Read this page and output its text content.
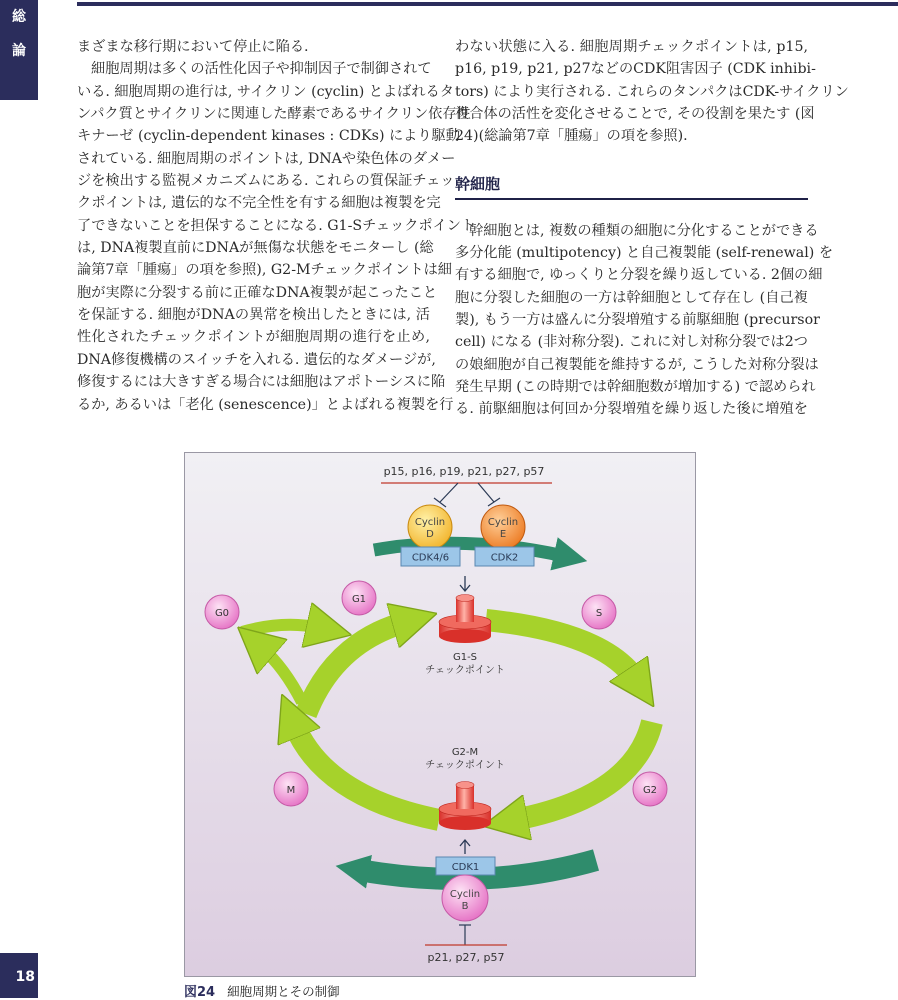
総
論	まざまな移行期において停止に陥る.
細胞周期は多くの活性化因子や抑制因子で制御されて
いる. 細胞周期の進行は, サイクリン (cyclin) とよばれるタ
ンパク質とサイクリンに関連した酵素であるサイクリン依存性
キナーゼ (cyclin-dependent kinases : CDKs) により駆動
されている. 細胞周期のポイントは, DNAや染色体のダメー
ジを検出する監視メカニズムにある. これらの質保証チェッ
クポイントは, 遺伝的な不完全性を有する細胞は複製を完
了できないことを担保することになる. G1-Sチェックポイント
は, DNA複製直前にDNAが無傷な状態をモニターし (総
論第7章「腫瘍」の項を参照), G2-Mチェックポイントは細
胞が実際に分裂する前に正確なDNA複製が起こったこと
を保証する. 細胞がDNAの異常を検出したときには, 活
性化されたチェックポイントが細胞周期の進行を止め,
DNA修復機構のスイッチを入れる. 遺伝的なダメージが,
修復するには大きすぎる場合には細胞はアポトーシスに陥
るか, あるいは「老化 (senescence)」とよばれる複製を行
わない状態に入る. 細胞周期チェックポイントは, p15,
p16, p19, p21, p27などのCDK阻害因子 (CDK inhibi-
tors) により実行される. これらのタンパクはCDK-サイクリン
複合体の活性を変化させることで, その役割を果たす (図
24)(総論第7章「腫瘍」の項を参照).
幹細胞
幹細胞とは, 複数の種類の細胞に分化することができる
多分化能 (multipotency) と自己複製能 (self-renewal) を
有する細胞で, ゆっくりと分裂を繰り返している. 2個の細
胞に分裂した細胞の一方は幹細胞として存在し (自己複
製), もう一方は盛んに分裂増殖する前駆細胞 (precursor
cell) になる (非対称分裂). これに対し対称分裂では2つ
の娘細胞が自己複製能を維持するが, こうした対称分裂は
発生早期 (この時期では幹細胞数が増加する) で認められ
る. 前駆細胞は何回か分裂増殖を繰り返した後に増殖を
p15, p16, p19, p21, p27, p57
Cyclin
D
Cyclin
E
CDK4/6	CDK2
G1-S
チェックポイント
G0
G1
S
M	G2
G2-M
チェックポイント
CDK1
Cyclin
B
p21, p27, p57
図24 細胞周期とその制御
18
